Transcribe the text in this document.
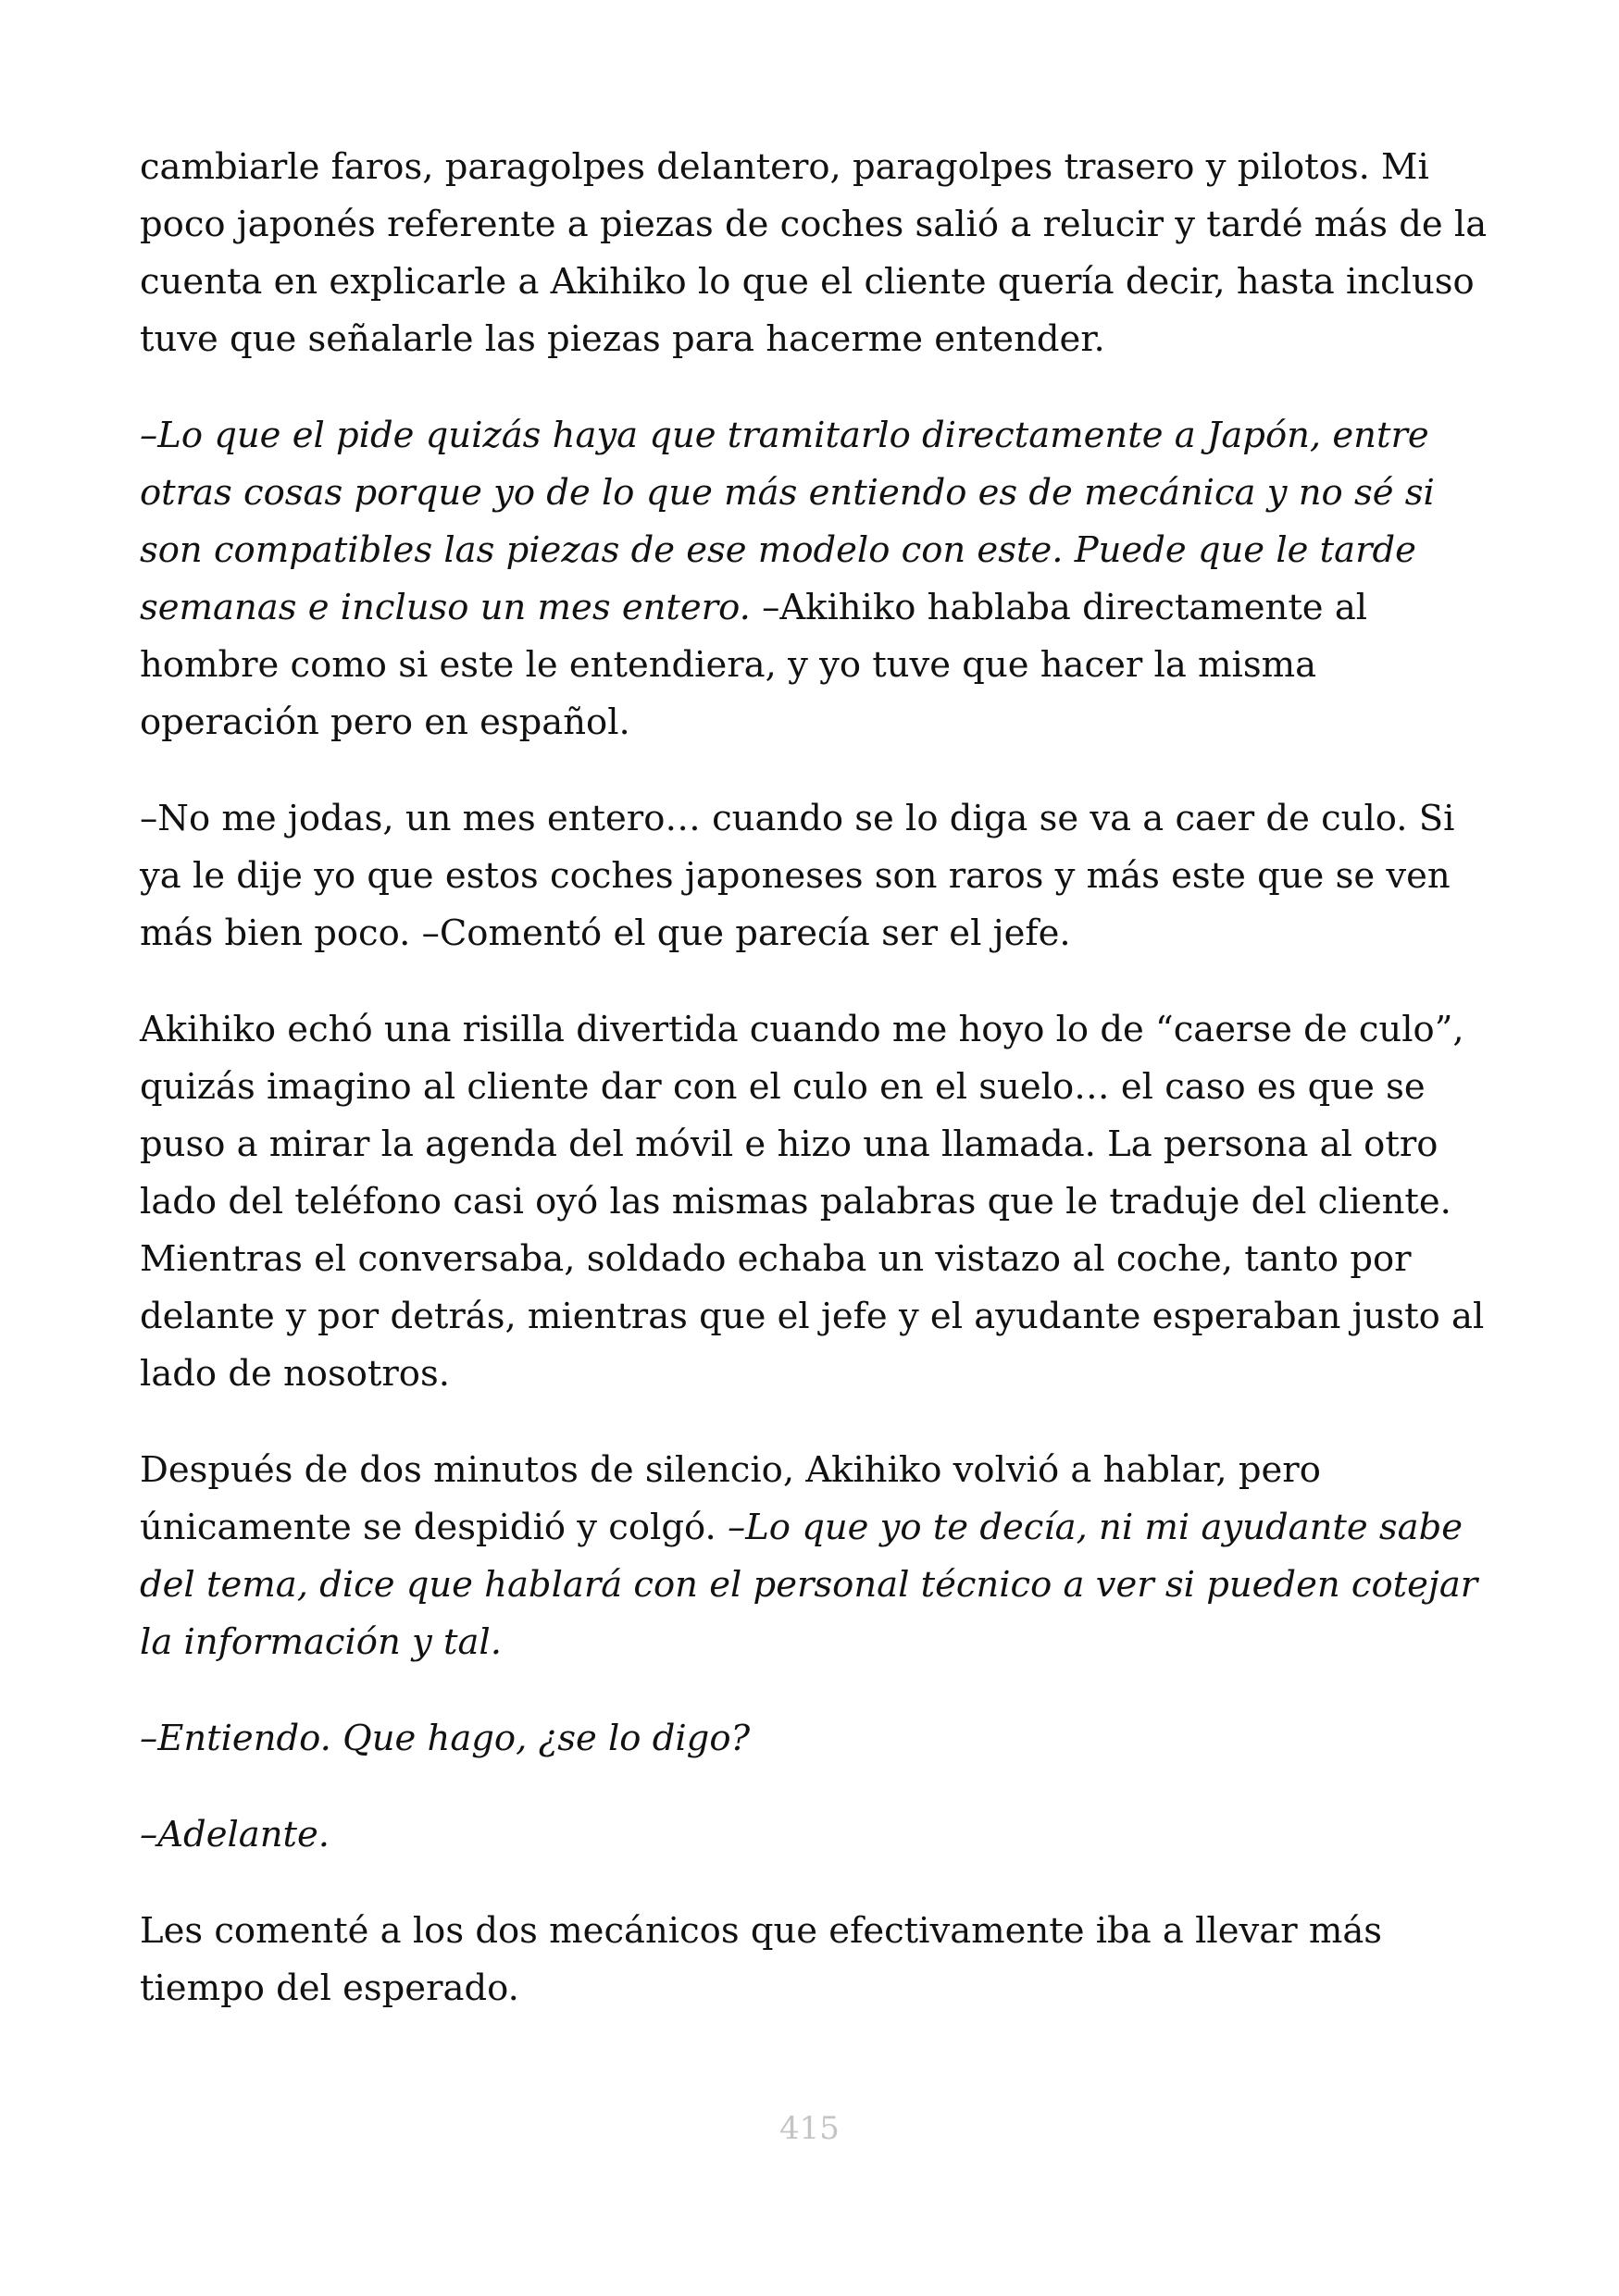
cambiarle faros, paragolpes delantero, paragolpes trasero y pilotos. Mi poco japonés referente a piezas de coches salió a relucir y tardé más de la cuenta en explicarle a Akihiko lo que el cliente quería decir, hasta incluso tuve que señalarle las piezas para hacerme entender.

–Lo que el pide quizás haya que tramitarlo directamente a Japón, entre otras cosas porque yo de lo que más entiendo es de mecánica y no sé si son compatibles las piezas de ese modelo con este. Puede que le tarde semanas e incluso un mes entero. –Akihiko hablaba directamente al hombre como si este le entendiera, y yo tuve que hacer la misma operación pero en español.

–No me jodas, un mes entero… cuando se lo diga se va a caer de culo. Si ya le dije yo que estos coches japoneses son raros y más este que se ven más bien poco. –Comentó el que parecía ser el jefe.

Akihiko echó una risilla divertida cuando me hoyo lo de “caerse de culo”, quizás imagino al cliente dar con el culo en el suelo… el caso es que se puso a mirar la agenda del móvil e hizo una llamada. La persona al otro lado del teléfono casi oyó las mismas palabras que le traduje del cliente. Mientras el conversaba, soldado echaba un vistazo al coche, tanto por delante y por detrás, mientras que el jefe y el ayudante esperaban justo al lado de nosotros.

Después de dos minutos de silencio, Akihiko volvió a hablar, pero únicamente se despidió y colgó. –Lo que yo te decía, ni mi ayudante sabe del tema, dice que hablará con el personal técnico a ver si pueden cotejar la información y tal.

–Entiendo. Que hago, ¿se lo digo?

–Adelante.

Les comenté a los dos mecánicos que efectivamente iba a llevar más tiempo del esperado.

415
